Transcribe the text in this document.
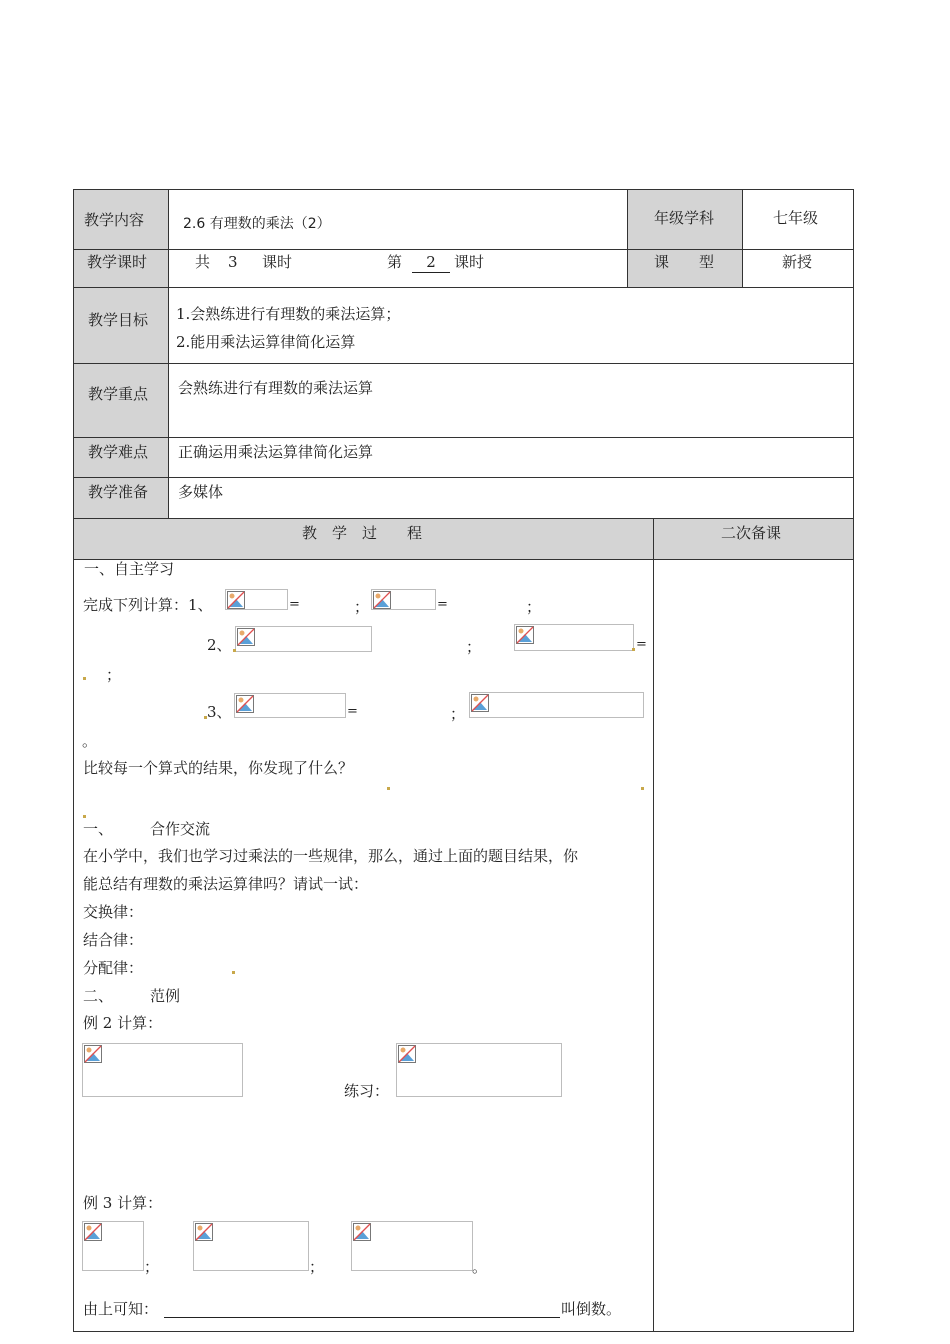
教学内容	2.6 有理数的乘法（2）	年级学科	七年级
教学课时	共 3 课时	第	2	课时	课　　型	新授
教学目标 1.会熟练进行有理数的乘法运算；
2.能用乘法运算律简化运算
教学重点 会熟练进行有理数的乘法运算
教学难点 正确运用乘法运算律简化运算
教学准备 多媒体
教　学　过　　程	二次备课
一、自主学习
完成下列计算：1、	=	；	=	；
2、	；	=
；
3、	=	；
。
比较每一个算式的结果，你发现了什么？
一、 合作交流
在小学中，我们也学习过乘法的一些规律，那么，通过上面的题目结果，你
能总结有理数的乘法运算律吗？请试一试：
交换律：
结合律：
分配律：
二、 范例
例 2 计算：
练习：
例 3 计算：
；	；	。
由上可知：	叫倒数。
